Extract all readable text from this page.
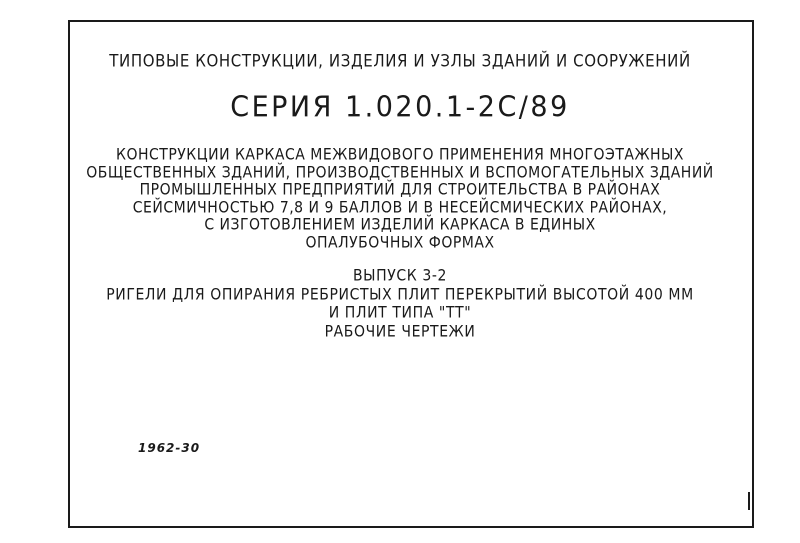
ТИПОВЫЕ КОНСТРУКЦИИ, ИЗДЕЛИЯ И УЗЛЫ ЗДАНИЙ И СООРУЖЕНИЙ
СЕРИЯ 1.020.1-2С/89
КОНСТРУКЦИИ КАРКАСА МЕЖВИДОВОГО ПРИМЕНЕНИЯ МНОГОЭТАЖНЫХ
ОБЩЕСТВЕННЫХ ЗДАНИЙ, ПРОИЗВОДСТВЕННЫХ И ВСПОМОГАТЕЛЬНЫХ ЗДАНИЙ
ПРОМЫШЛЕННЫХ ПРЕДПРИЯТИЙ ДЛЯ СТРОИТЕЛЬСТВА В РАЙОНАХ
СЕЙСМИЧНОСТЬЮ 7,8 И 9 БАЛЛОВ И В НЕСЕЙСМИЧЕСКИХ РАЙОНАХ,
С ИЗГОТОВЛЕНИЕМ ИЗДЕЛИЙ КАРКАСА В ЕДИНЫХ
ОПАЛУБОЧНЫХ ФОРМАХ
ВЫПУСК 3-2
РИГЕЛИ ДЛЯ ОПИРАНИЯ РЕБРИСТЫХ ПЛИТ ПЕРЕКРЫТИЙ ВЫСОТОЙ 400 ММ
И ПЛИТ ТИПА "ТТ"
РАБОЧИЕ ЧЕРТЕЖИ
1962-30
